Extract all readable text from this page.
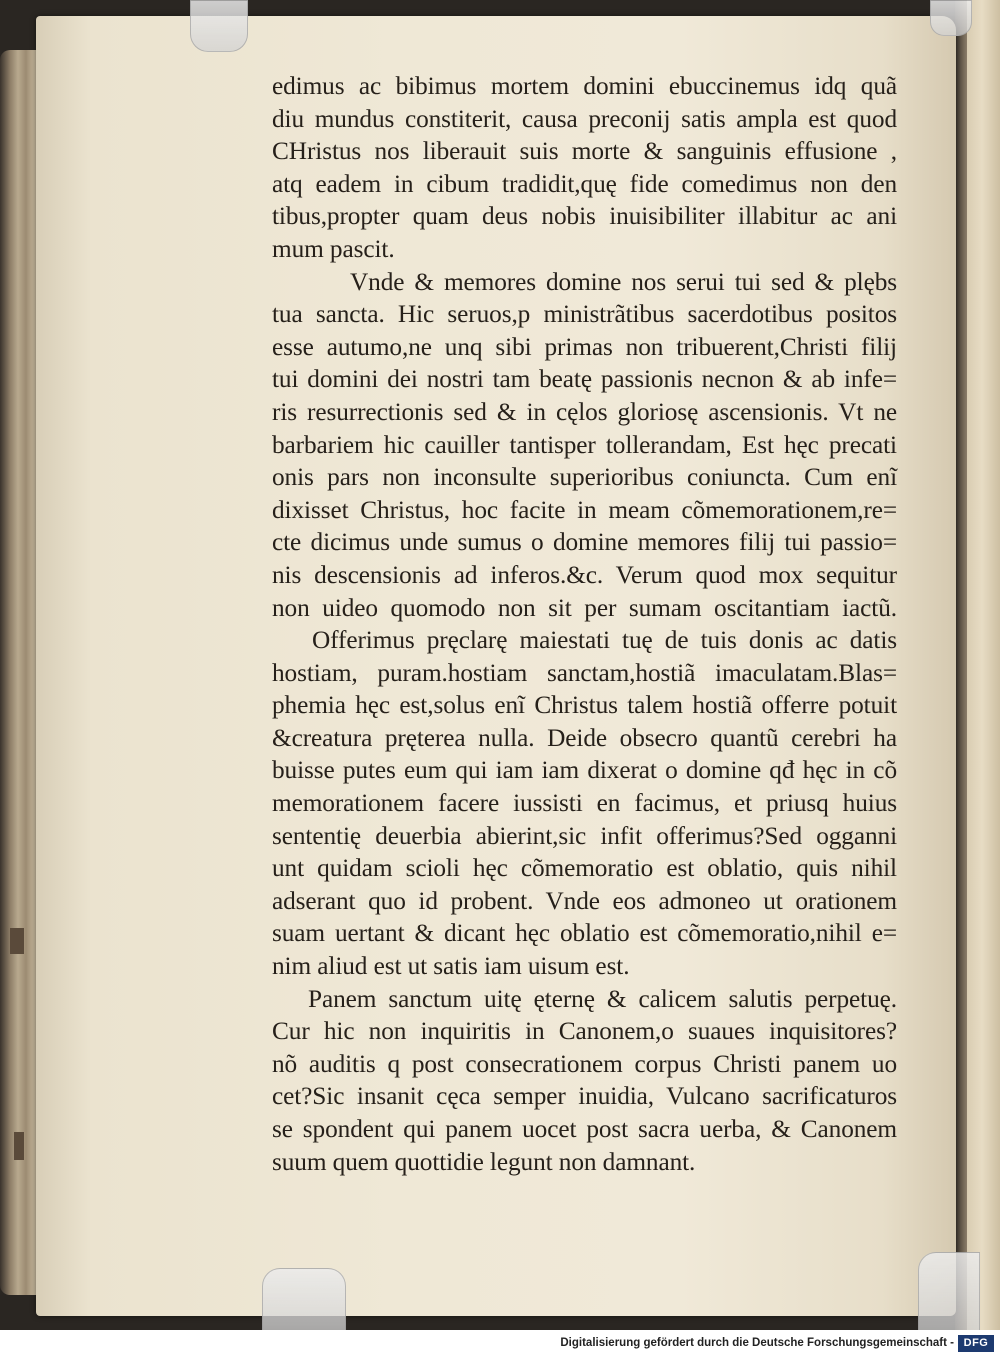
edimus ac bibimus mortem domini ebuccinemus idq quã
diu mundus constiterit, causa preconij satis ampla est quod
CHristus nos liberauit suis morte & sanguinis effusione ,
atq eadem in cibum tradidit,quę fide comedimus non den
tibus,propter quam deus nobis inuisibiliter illabitur ac ani
mum pascit.
Vnde & memores domine nos serui tui sed & plębs
tua sancta. Hic seruos,p ministrãtibus sacerdotibus positos
esse autumo,ne unq sibi primas non tribuerent,Christi filij
tui domini dei nostri tam beatę passionis necnon & ab infe=
ris resurrectionis sed & in cęlos gloriosę ascensionis. Vt ne
barbariem hic cauiller tantisper tollerandam, Est hęc precati
onis pars non inconsulte superioribus coniuncta. Cum enĩ
dixisset Christus, hoc facite in meam cõmemorationem,re=
cte dicimus unde sumus o domine memores filij tui passio=
nis descensionis ad inferos.&c. Verum quod mox sequitur
non uideo quomodo non sit per sumam oscitantiam iactũ.
Offerimus pręclarę maiestati tuę de tuis donis ac datis
hostiam, puram.hostiam sanctam,hostiã imaculatam.Blas=
phemia hęc est,solus enĩ Christus talem hostiã offerre potuit
&creatura pręterea nulla. Deide obsecro quantũ cerebri ha
buisse putes eum qui iam iam dixerat o domine qđ hęc in cõ
memorationem facere iussisti en facimus, et priusq huius
sententię deuerbia abierint,sic infit offerimus?Sed ogganni
unt quidam scioli hęc cõmemoratio est oblatio, quis nihil
adserant quo id probent. Vnde eos admoneo ut orationem
suam uertant & dicant hęc oblatio est cõmemoratio,nihil e=
nim aliud est ut satis iam uisum est.
Panem sanctum uitę ęternę & calicem salutis perpetuę.
Cur hic non inquiritis in Canonem,o suaues inquisitores?
nõ auditis q post consecrationem corpus Christi panem uo
cet?Sic insanit cęca semper inuidia, Vulcano sacrificaturos
se spondent qui panem uocet post sacra uerba, & Canonem
suum quem quottidie legunt non damnant.
Digitalisierung gefördert durch die Deutsche Forschungsgemeinschaft - DFG
